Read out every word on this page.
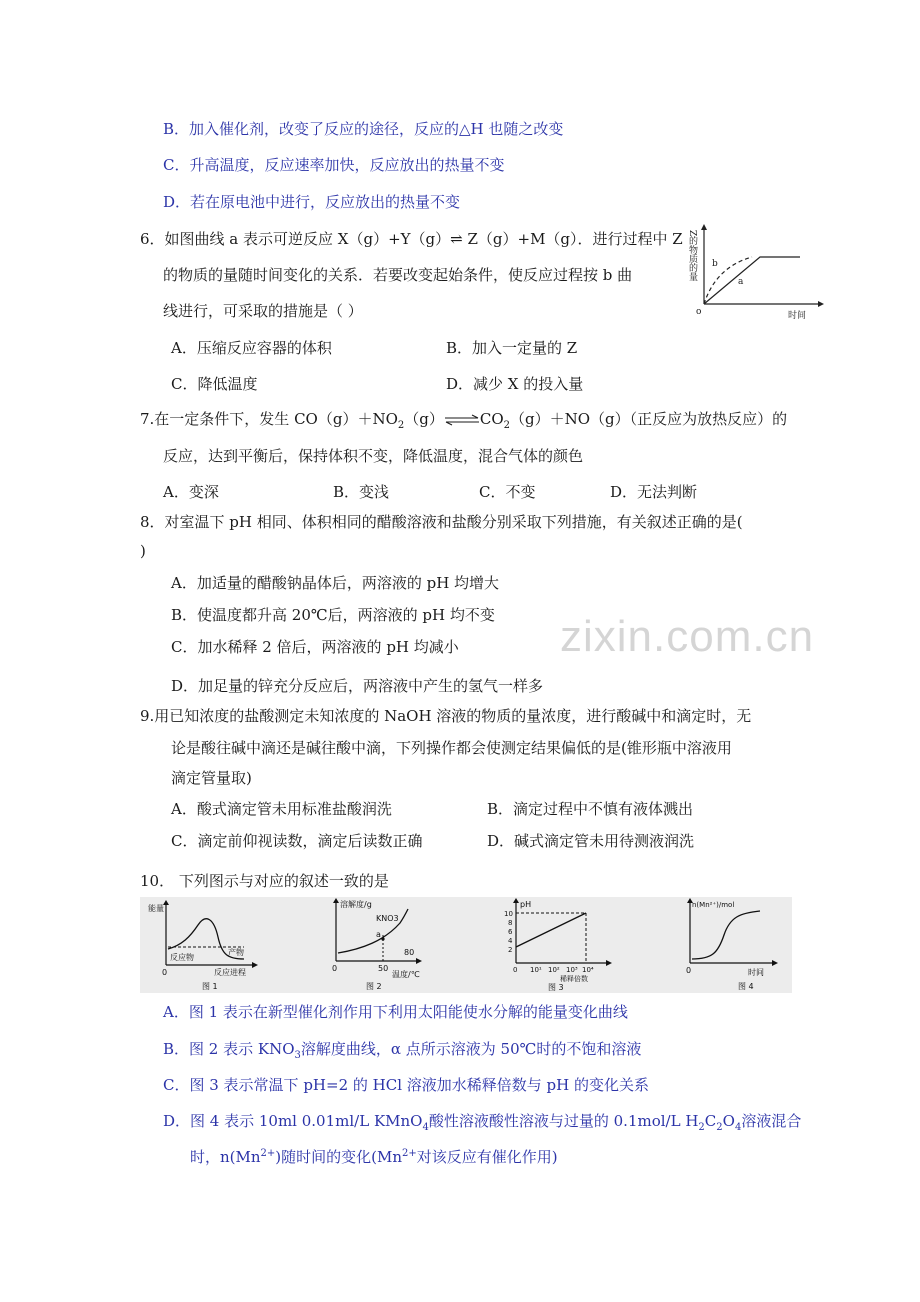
zixin.com.cn
B．加入催化剂，改变了反应的途径，反应的△H 也随之改变
C．升高温度，反应速率加快，反应放出的热量不变
D．若在原电池中进行，反应放出的热量不变
6．如图曲线 a 表示可逆反应 X（g）+Y（g）⇌ Z（g）+M（g）．进行过程中 Z
的物质的量随时间变化的关系．若要改变起始条件，使反应过程按 b 曲
线进行，可采取的措施是（ ）
A．压缩反应容器的体积	B．加入一定量的 Z
C．降低温度	D．减少 X 的投入量
Z的物质的量
o	时间
a
b
7.在一定条件下，发生 $CO(g)+NO_2(g)\rightleftharpoons CO_2(g)+NO(g)$（正反应为放热反应）的
反应，达到平衡后，保持体积不变，降低温度，混合气体的颜色
A．变深	B．变浅	C．不变	D．无法判断
8．对室温下 pH 相同、体积相同的醋酸溶液和盐酸分别采取下列措施，有关叙述正确的是(
)
A．加适量的醋酸钠晶体后，两溶液的 pH 均增大
B．使温度都升高 20℃后，两溶液的 pH 均不变
C．加水稀释 2 倍后，两溶液的 pH 均减小
D．加足量的锌充分反应后，两溶液中产生的氢气一样多
9.用已知浓度的盐酸测定未知浓度的 NaOH 溶液的物质的量浓度，进行酸碱中和滴定时，无
论是酸往碱中滴还是碱往酸中滴，下列操作都会使测定结果偏低的是(锥形瓶中溶液用
滴定管量取)
A．酸式滴定管未用标准盐酸润洗	B．滴定过程中不慎有液体溅出
C．滴定前仰视读数，滴定后读数正确	D．碱式滴定管未用待测液润洗
10． 下列图示与对应的叙述一致的是
能量
反应物
产物
0	反应进程
图 1
溶解度/g
KNO3
a
0	50
80
温度/℃
图 2
pH
10
8
6
4
2
0 10¹ 10² 10³ 10⁴
稀释倍数
图 3
n(Mn²⁺)/mol
0	时间
图 4
A．图 1 表示在新型催化剂作用下利用太阳能使水分解的能量变化曲线
B．图 2 表示 $KNO_3$溶解度曲线，α 点所示溶液为 50℃时的不饱和溶液
C．图 3 表示常温下 pH=2 的 HCl 溶液加水稀释倍数与 pH 的变化关系
D．图 4 表示 10ml 0.01ml/L KMnO$_4$酸性溶液酸性溶液与过量的 0.1mol/L $H_2C_2O_4$溶液混合
时，$n(Mn^{2+})$随时间的变化($Mn^{2+}$对该反应有催化作用)
